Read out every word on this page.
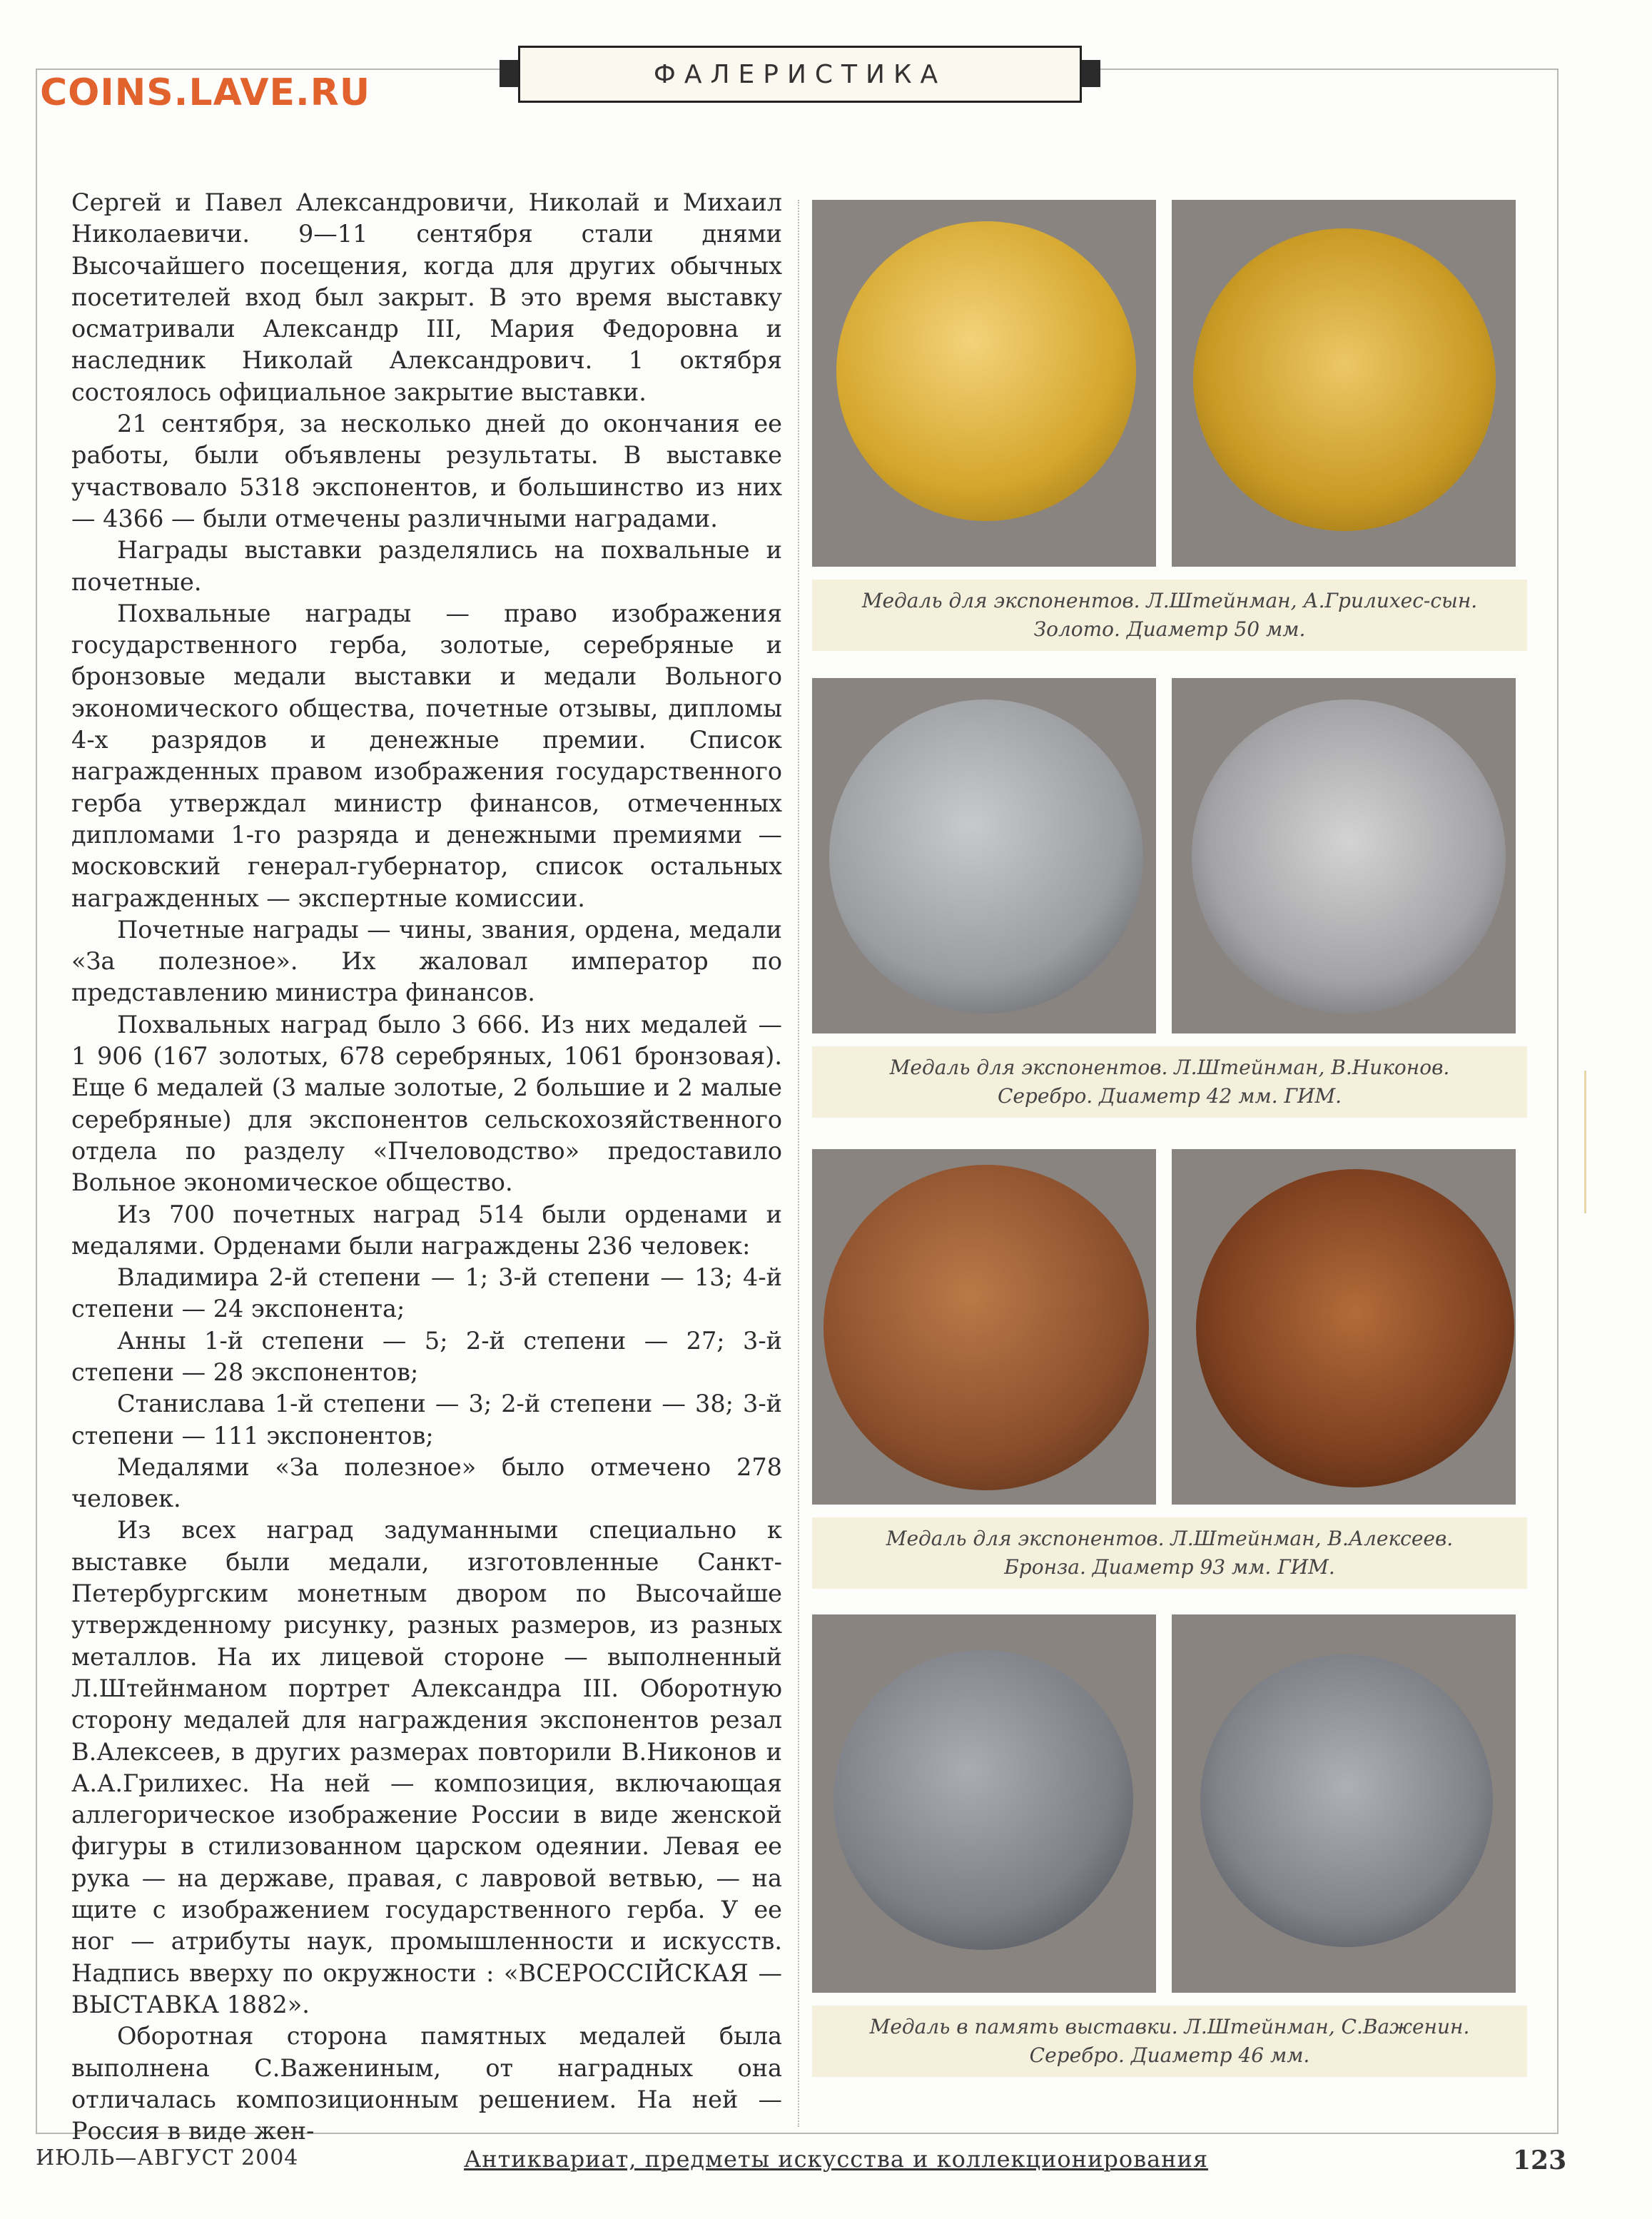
ФАЛЕРИСТИКА
COINS.LAVE.RU

Сергей и Павел Александровичи, Николай и Михаил Николаевичи. 9—11 сентября стали днями Высочайшего посещения, когда для других обычных посетителей вход был закрыт. В это время выставку осматривали Александр III, Мария Федоровна и наследник Николай Александрович. 1 октября состоялось официальное закрытие выставки.

21 сентября, за несколько дней до окончания ее работы, были объявлены результаты. В выставке участвовало 5318 экспонентов, и большинство из них — 4366 — были отмечены различными наградами.

Награды выставки разделялись на похвальные и почетные.

Похвальные награды — право изображения государственного герба, золотые, серебряные и бронзовые медали выставки и медали Вольного экономического общества, почетные отзывы, дипломы 4-х разрядов и денежные премии. Список награжденных правом изображения государственного герба утверждал министр финансов, отмеченных дипломами 1-го разряда и денежными премиями — московский генерал-губернатор, список остальных награжденных — экспертные комиссии.

Почетные награды — чины, звания, ордена, медали «За полезное». Их жаловал император по представлению министра финансов.

Похвальных наград было 3 666. Из них медалей — 1 906 (167 золотых, 678 серебряных, 1061 бронзовая). Еще 6 медалей (3 малые золотые, 2 большие и 2 малые серебряные) для экспонентов сельскохозяйственного отдела по разделу «Пчеловодство» предоставило Вольное экономическое общество.

Из 700 почетных наград 514 были орденами и медалями. Орденами были награждены 236 человек:

Владимира 2-й степени — 1; 3-й степени — 13; 4-й степени — 24 экспонента;

Анны 1-й степени — 5; 2-й степени — 27; 3-й степени — 28 экспонентов;

Станислава 1-й степени — 3; 2-й степени — 38; 3-й степени — 111 экспонентов;

Медалями «За полезное» было отмечено 278 человек.

Из всех наград задуманными специально к выставке были медали, изготовленные Санкт-Петербургским монетным двором по Высочайше утвержденному рисунку, разных размеров, из разных металлов. На их лицевой стороне — выполненный Л.Штейнманом портрет Александра III. Оборотную сторону медалей для награждения экспонентов резал В.Алексеев, в других размерах повторили В.Никонов и А.А.Грилихес. На ней — композиция, включающая аллегорическое изображение России в виде женской фигуры в стилизованном царском одеянии. Левая ее рука — на державе, правая, с лавровой ветвью, — на щите с изображением государственного герба. У ее ног — атрибуты наук, промышленности и искусств. Надпись вверху по окружности : «ВСЕРОССІЙСКАЯ — ВЫСТАВКА 1882».

Оборотная сторона памятных медалей была выполнена С.Важениным, от наградных она отличалась композиционным решением. На ней — Россия в виде жен-

Медаль для экспонентов. Л.Штейнман, А.Грилихес-сын.
Золото. Диаметр 50 мм.
Медаль для экспонентов. Л.Штейнман, В.Никонов.
Серебро. Диаметр 42 мм. ГИМ.
Медаль для экспонентов. Л.Штейнман, В.Алексеев.
Бронза. Диаметр 93 мм. ГИМ.
Медаль в память выставки. Л.Штейнман, С.Важенин.
Серебро. Диаметр 46 мм.
ИЮЛЬ—АВГУСТ 2004	Антиквариат, предметы искусства и коллекционирования	123
